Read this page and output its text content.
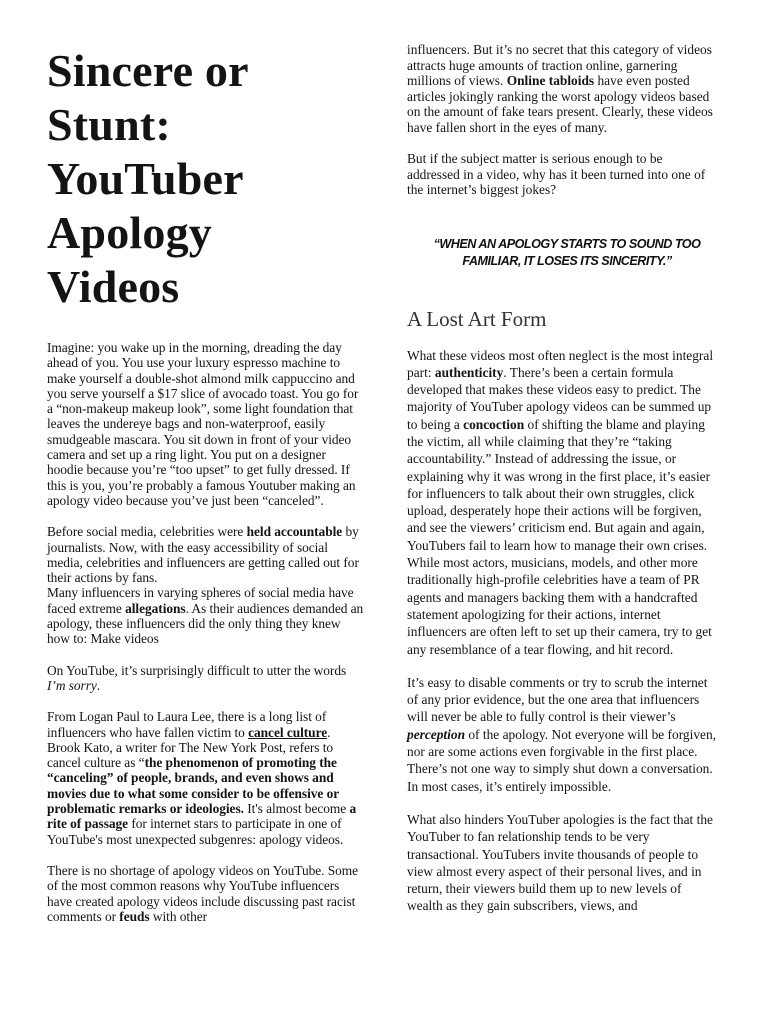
Sincere or
Stunt:
YouTuber
Apology
Videos

Imagine: you wake up in the morning, dreading the day ahead of you. You use your luxury espresso machine to make yourself a double-shot almond milk cappuccino and you serve yourself a $17 slice of avocado toast. You go for a “non-makeup makeup look”, some light foundation that leaves the undereye bags and non-waterproof, easily smudgeable mascara. You sit down in front of your video camera and set up a ring light. You put on a designer hoodie because you’re “too upset” to get fully dressed. If this is you, you’re probably a famous Youtuber making an apology video because you’ve just been “canceled”.

Before social media, celebrities were held accountable by journalists. Now, with the easy accessibility of social media, celebrities and influencers are getting called out for their actions by fans.

Many influencers in varying spheres of social media have faced extreme allegations. As their audiences demanded an apology, these influencers did the only thing they knew how to: Make videos

On YouTube, it’s surprisingly difficult to utter the words I’m sorry.

From Logan Paul to Laura Lee, there is a long list of influencers who have fallen victim to cancel culture. Brook Kato, a writer for The New York Post, refers to cancel culture as “the phenomenon of promoting the “canceling” of people, brands, and even shows and movies due to what some consider to be offensive or problematic remarks or ideologies. It's almost become a rite of passage for internet stars to participate in one of YouTube's most unexpected subgenres: apology videos.

There is no shortage of apology videos on YouTube. Some of the most common reasons why YouTube influencers have created apology videos include discussing past racist comments or feuds with other

influencers. But it’s no secret that this category of videos attracts huge amounts of traction online, garnering millions of views. Online tabloids have even posted articles jokingly ranking the worst apology videos based on the amount of fake tears present. Clearly, these videos have fallen short in the eyes of many.

But if the subject matter is serious enough to be addressed in a video, why has it been turned into one of the internet’s biggest jokes?

“WHEN AN APOLOGY STARTS TO SOUND TOO FAMILIAR, IT LOSES ITS SINCERITY.”

A Lost Art Form

What these videos most often neglect is the most integral part: authenticity. There’s been a certain formula developed that makes these videos easy to predict. The majority of YouTuber apology videos can be summed up to being a concoction of shifting the blame and playing the victim, all while claiming that they’re “taking accountability.” Instead of addressing the issue, or explaining why it was wrong in the first place, it’s easier for influencers to talk about their own struggles, click upload, desperately hope their actions will be forgiven, and see the viewers’ criticism end. But again and again, YouTubers fail to learn how to manage their own crises. While most actors, musicians, models, and other more traditionally high-profile celebrities have a team of PR agents and managers backing them with a handcrafted statement apologizing for their actions, internet influencers are often left to set up their camera, try to get any resemblance of a tear flowing, and hit record.

It’s easy to disable comments or try to scrub the internet of any prior evidence, but the one area that influencers will never be able to fully control is their viewer’s perception of the apology. Not everyone will be forgiven, nor are some actions even forgivable in the first place. There’s not one way to simply shut down a conversation. In most cases, it’s entirely impossible.

What also hinders YouTuber apologies is the fact that the YouTuber to fan relationship tends to be very transactional. YouTubers invite thousands of people to view almost every aspect of their personal lives, and in return, their viewers build them up to new levels of wealth as they gain subscribers, views, and
